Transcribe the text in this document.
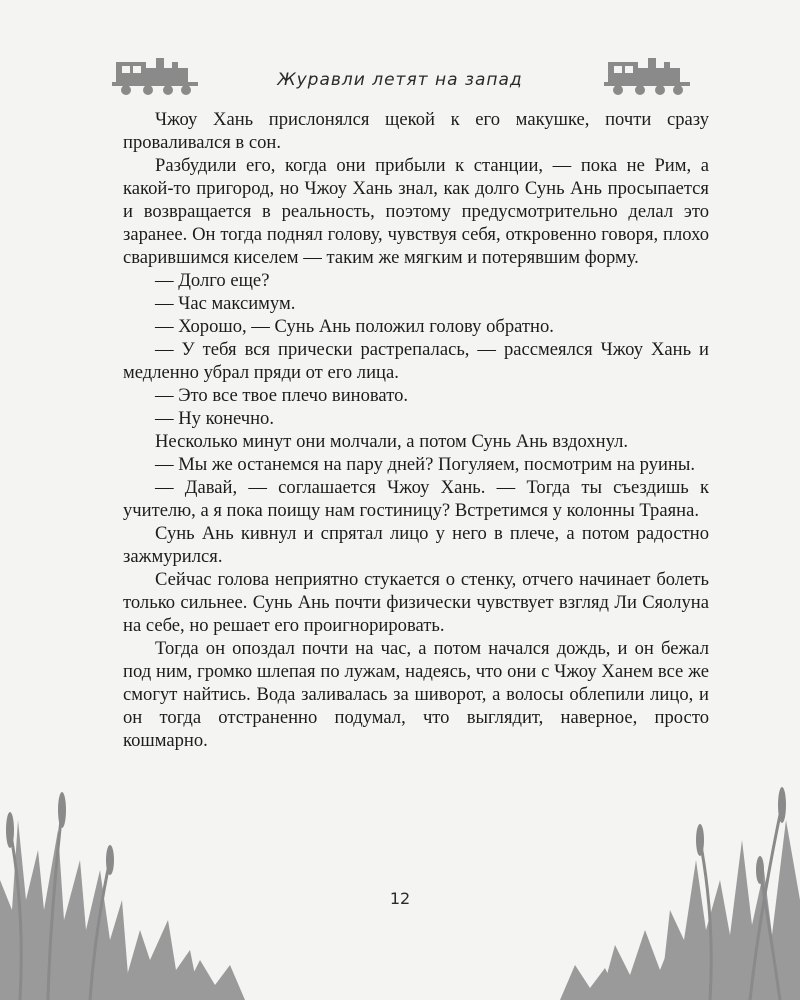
Журавли летят на запад

Чжоу Хань прислонялся щекой к его макушке, почти сразу проваливался в сон.

Разбудили его, когда они прибыли к станции, — пока не Рим, а какой-то пригород, но Чжоу Хань знал, как долго Сунь Ань просыпается и возвращается в реальность, поэтому предусмотрительно делал это заранее. Он тогда поднял голову, чувствуя себя, откровенно говоря, плохо сварившимся киселем — таким же мягким и потерявшим форму.

— Долго еще?

— Час максимум.

— Хорошо, — Сунь Ань положил голову обратно.

— У тебя вся прически растрепалась, — рассмеялся Чжоу Хань и медленно убрал пряди от его лица.

— Это все твое плечо виновато.

— Ну конечно.

Несколько минут они молчали, а потом Сунь Ань вздохнул.

— Мы же останемся на пару дней? Погуляем, посмотрим на руины.

— Давай, — соглашается Чжоу Хань. — Тогда ты съездишь к учителю, а я пока поищу нам гостиницу? Встретимся у колонны Траяна.

Сунь Ань кивнул и спрятал лицо у него в плече, а потом радостно зажмурился.

Сейчас голова неприятно стукается о стенку, отчего начинает болеть только сильнее. Сунь Ань почти физически чувствует взгляд Ли Сяолуна на себе, но решает его проигнорировать.

Тогда он опоздал почти на час, а потом начался дождь, и он бежал под ним, громко шлепая по лужам, надеясь, что они с Чжоу Ханем все же смогут найтись. Вода заливалась за шиворот, а волосы облепили лицо, и он тогда отстраненно подумал, что выглядит, наверное, просто кошмарно.

12
